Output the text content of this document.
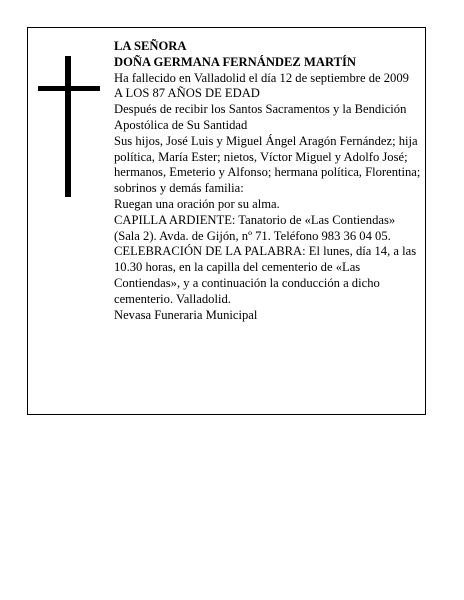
LA SEÑORA

DOÑA GERMANA FERNÁNDEZ MARTÍN

Ha fallecido en Valladolid el día 12 de septiembre de 2009

A LOS 87 AÑOS DE EDAD

Después de recibir los Santos Sacramentos y la Bendición Apostólica de Su Santidad

Sus hijos, José Luis y Miguel Ángel Aragón Fernández; hija política, María Ester; nietos, Víctor Miguel y Adolfo José; hermanos, Emeterio y Alfonso; hermana política, Florentina; sobrinos y demás familia:

Ruegan una oración por su alma.

CAPILLA ARDIENTE: Tanatorio de «Las Contiendas» (Sala 2). Avda. de Gijón, nº 71. Teléfono 983 36 04 05.

CELEBRACIÓN DE LA PALABRA: El lunes, día 14, a las 10.30 horas, en la capilla del cementerio de «Las Contiendas», y a continuación la conducción a dicho cementerio. Valladolid.

Nevasa Funeraria Municipal
